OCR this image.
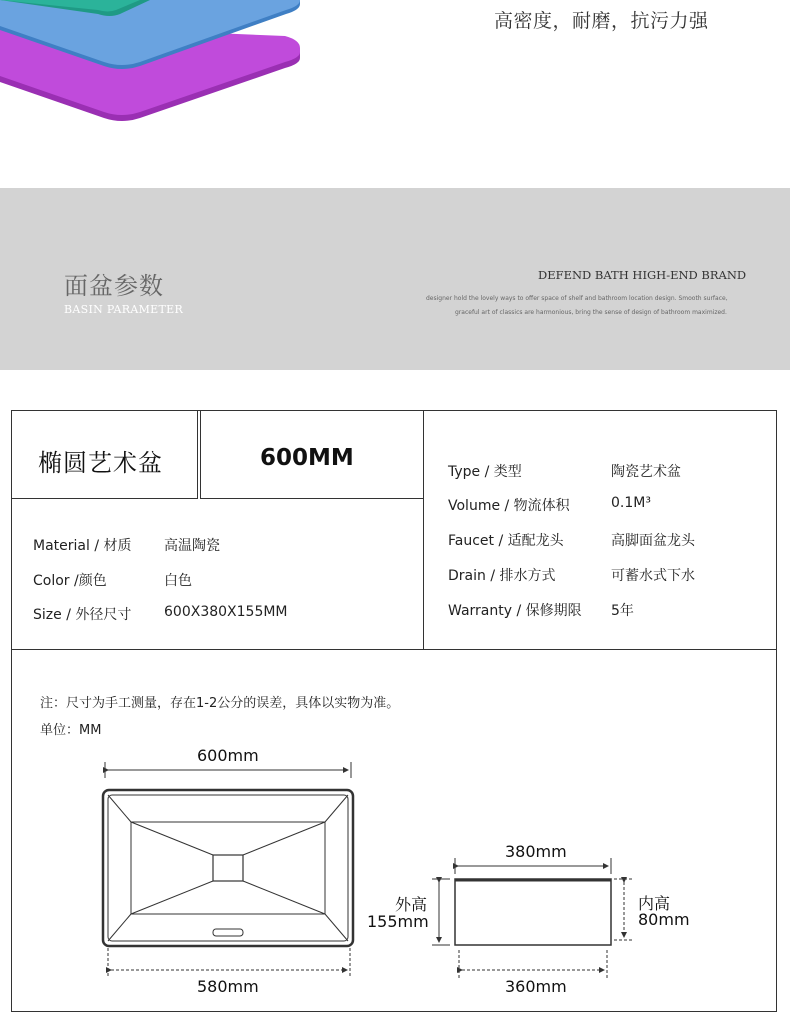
高密度，耐磨，抗污力强
面盆参数
BASIN PARAMETER
DEFEND BATH HIGH-END BRAND
designer hold the lovely ways to offer space of shelf and bathroom location design. Smooth surface,
graceful art of classics are harmonious, bring the sense of design of bathroom maximized.
椭圆艺术盆	600MM
Material / 材质 高温陶瓷
Color /颜色	白色
Size / 外径尺寸 600X380X155MM
Type / 类型	陶瓷艺术盆
Volume / 物流体积	0.1M³
Faucet / 适配龙头	高脚面盆龙头
Drain / 排水方式	可蓄水式下水
Warranty / 保修期限 5年
注：尺寸为手工测量，存在1-2公分的误差，具体以实物为准。
单位：MM
600mm
580mm
380mm
360mm
外高
155mm
内高
80mm
